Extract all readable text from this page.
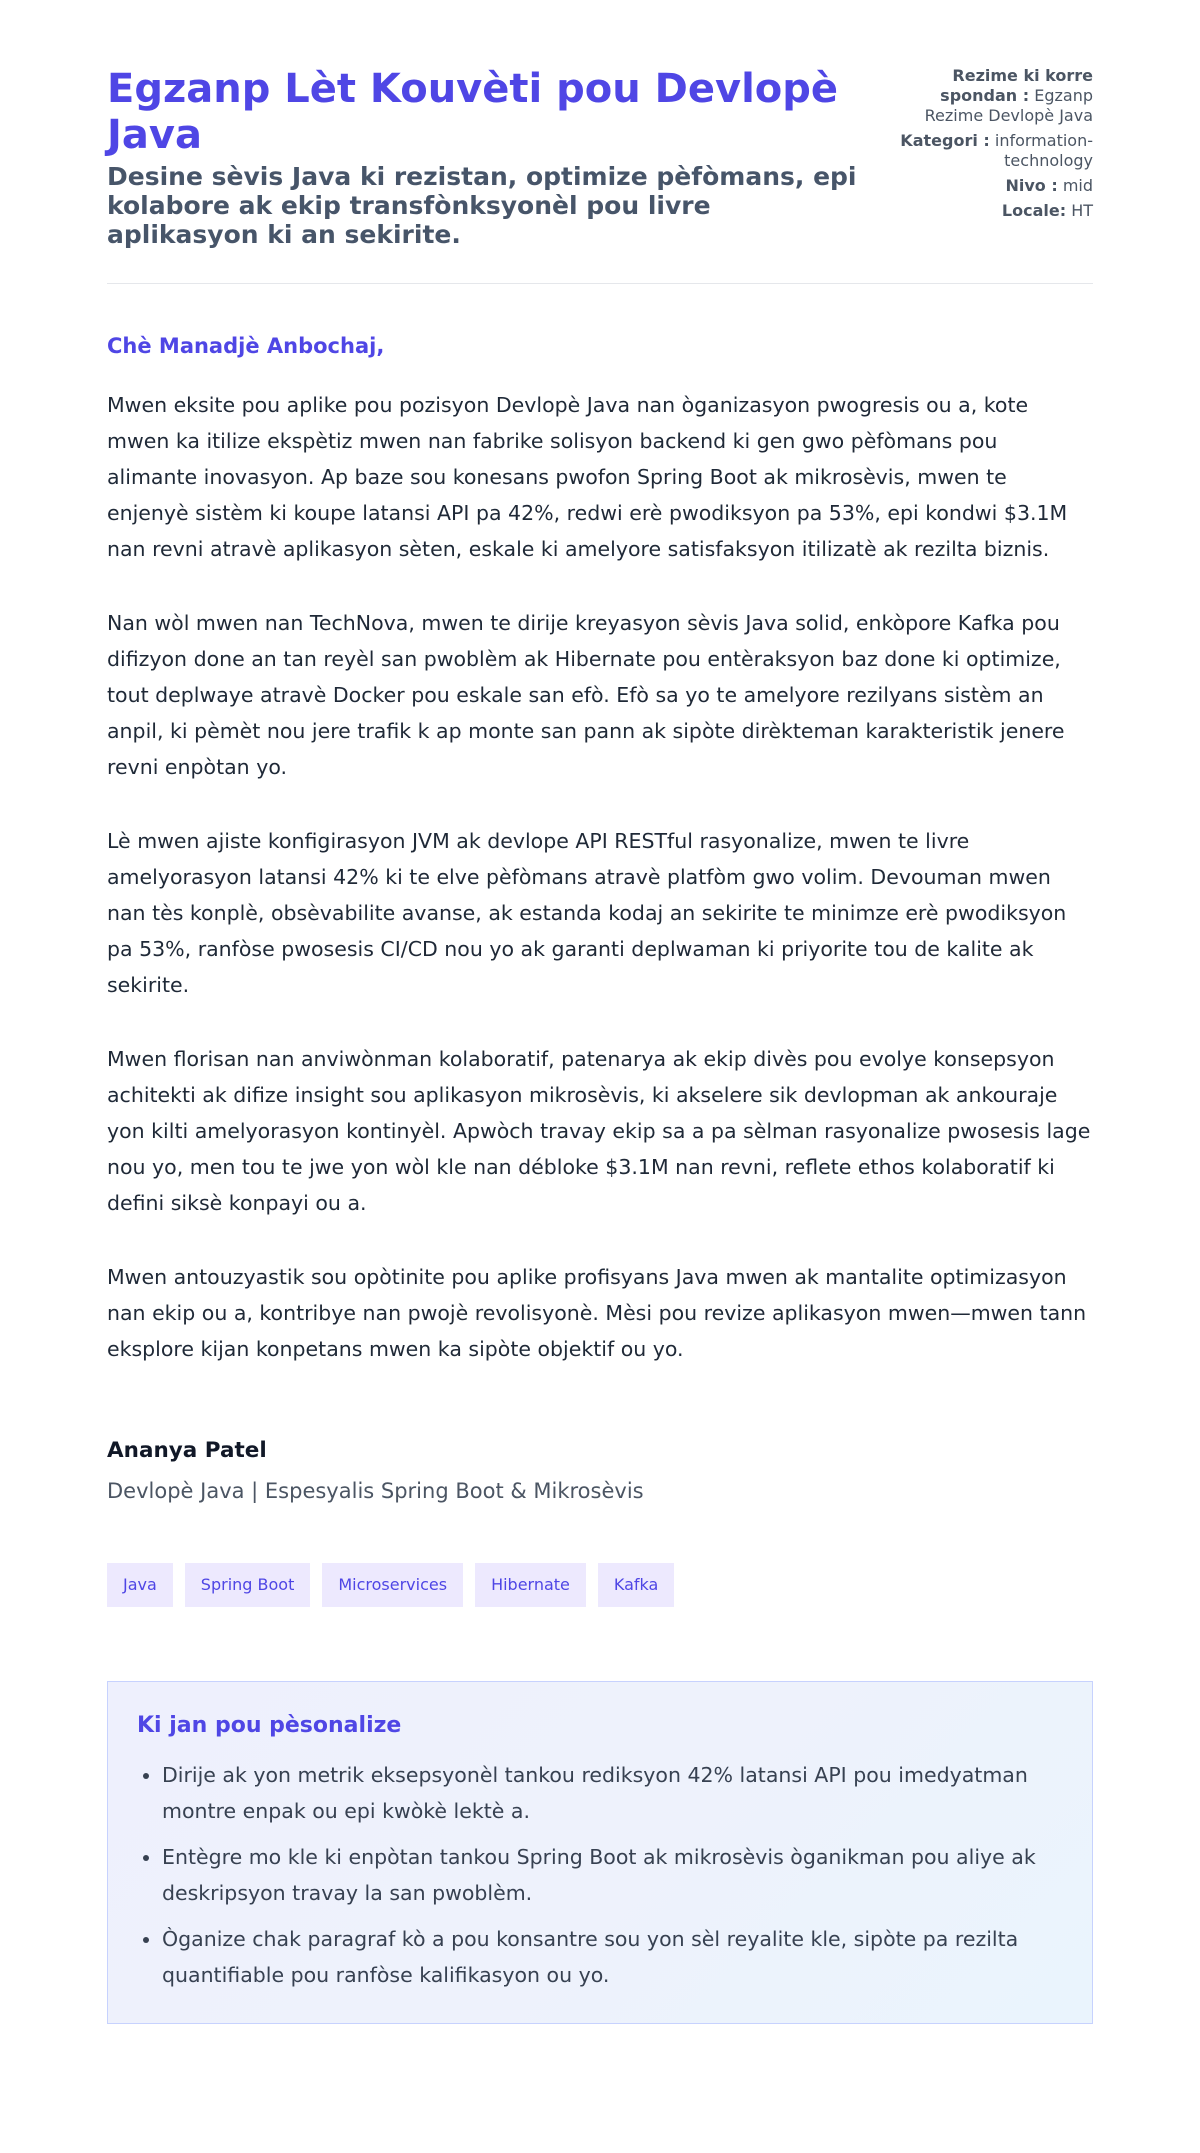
Egzanp Lèt Kouvèti pou Devlopè Java
Desine sèvis Java ki rezistan, optimize pèfòmans, epi kolabore ak ekip transfònksyonèl pou livre aplikasyon ki an sekirite.
Rezime ki korre spondan : Egzanp Rezime Devlopè Java
Kategori : information-technology
Nivo : mid
Locale: HT
Chè Manadjè Anbochaj,

Mwen eksite pou aplike pou pozisyon Devlopè Java nan òganizasyon pwogresis ou a, kote mwen ka itilize ekspètiz mwen nan fabrike solisyon backend ki gen gwo pèfòmans pou alimante inovasyon. Ap baze sou konesans pwofon Spring Boot ak mikrosèvis, mwen te enjenyè sistèm ki koupe latansi API pa 42%, redwi erè pwodiksyon pa 53%, epi kondwi $3.1M nan revni atravè aplikasyon sèten, eskale ki amelyore satisfaksyon itilizatè ak rezilta biznis.

Nan wòl mwen nan TechNova, mwen te dirije kreyasyon sèvis Java solid, enkòpore Kafka pou difizyon done an tan reyèl san pwoblèm ak Hibernate pou entèraksyon baz done ki optimize, tout deplwaye atravè Docker pou eskale san efò. Efò sa yo te amelyore rezilyans sistèm an anpil, ki pèmèt nou jere trafik k ap monte san pann ak sipòte dirèkteman karakteristik jenere revni enpòtan yo.

Lè mwen ajiste konfigirasyon JVM ak devlope API RESTful rasyonalize, mwen te livre amelyorasyon latansi 42% ki te elve pèfòmans atravè platfòm gwo volim. Devouman mwen nan tès konplè, obsèvabilite avanse, ak estanda kodaj an sekirite te minimze erè pwodiksyon pa 53%, ranfòse pwosesis CI/CD nou yo ak garanti deplwaman ki priyorite tou de kalite ak sekirite.

Mwen florisan nan anviwònman kolaboratif, patenarya ak ekip divès pou evolye konsepsyon achitekti ak difize insight sou aplikasyon mikrosèvis, ki akselere sik devlopman ak ankouraje yon kilti amelyorasyon kontinyèl. Apwòch travay ekip sa a pa sèlman rasyonalize pwosesis lage nou yo, men tou te jwe yon wòl kle nan débloke $3.1M nan revni, reflete ethos kolaboratif ki defini siksè konpayi ou a.

Mwen antouzyastik sou opòtinite pou aplike profisyans Java mwen ak mantalite optimizasyon nan ekip ou a, kontribye nan pwojè revolisyonè. Mèsi pou revize aplikasyon mwen—mwen tann eksplore kijan konpetans mwen ka sipòte objektif ou yo.

Ananya Patel
Devlopè Java | Espesyalis Spring Boot & Mikrosèvis
Java	Spring Boot	Microservices	Hibernate	Kafka
Ki jan pou pèsonalize
• Dirije ak yon metrik eksepsyonèl tankou rediksyon 42% latansi API pou imedyatman montre enpak ou epi kwòkè lektè a.
• Entègre mo kle ki enpòtan tankou Spring Boot ak mikrosèvis òganikman pou aliye ak deskripsyon travay la san pwoblèm.
• Òganize chak paragraf kò a pou konsantre sou yon sèl reyalite kle, sipòte pa rezilta quantifiable pou ranfòse kalifikasyon ou yo.
